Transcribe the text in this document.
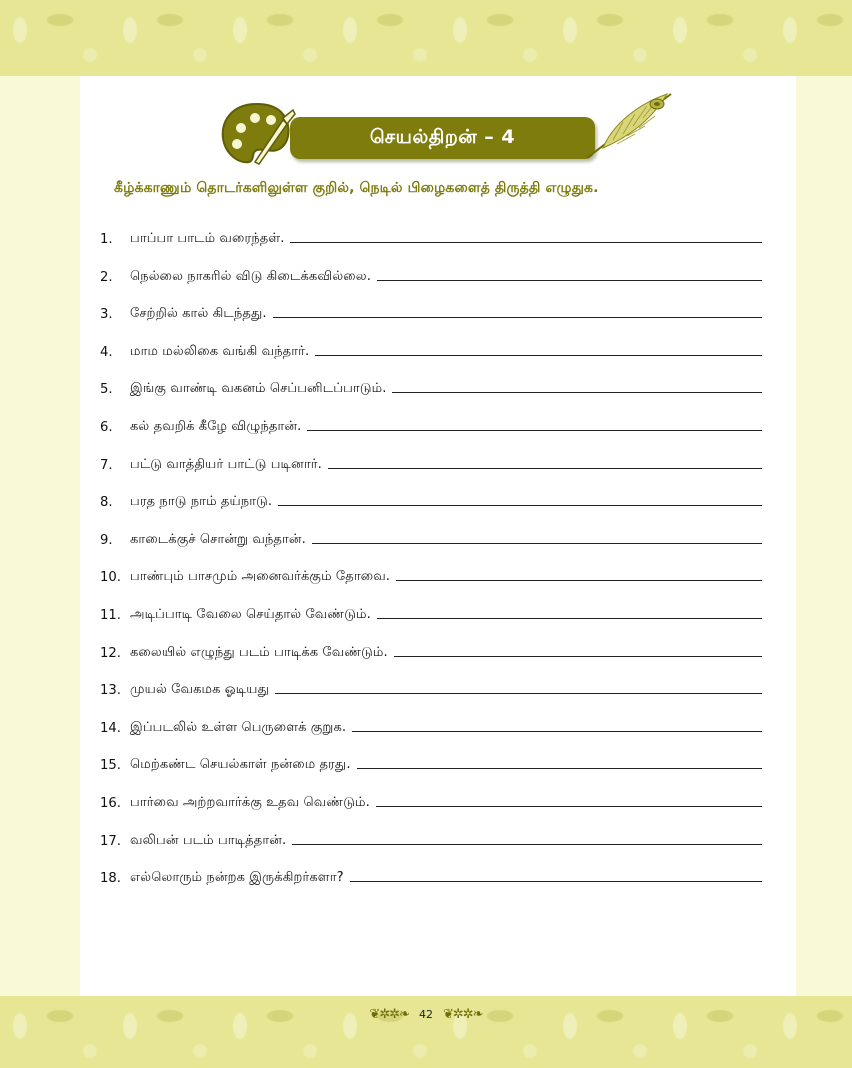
செயல்திறன் – 4
கீழ்க்காணும் தொடர்களிலுள்ள குறில், நெடில் பிழைகளைத் திருத்தி எழுதுக.
1.	பாப்பா பாடம் வரைந்தள்.
2.	நெல்லை நாகரில் விடு கிடைக்கவில்லை.
3.	சேற்றில் கால் கிடந்தது.
4.	மாம மல்லிகை வங்கி வந்தார்.
5.	இங்கு வாண்டி வகனம் செப்பனிடப்பாடும்.
6.	கல் தவறிக் கீழே விழுந்தான்.
7.	பட்டு வாத்தியர் பாட்டு படினார்.
8.	பரத நாடு நாம் தய்நாடு.
9.	காடைக்குச் சொன்று வந்தான்.
10. பாண்பும் பாசமும் அனைவர்க்கும் தோவை.
11. அடிப்பாடி வேலை செய்தால் வேண்டும்.
12. கலையில் எழுந்து படம் பாடிக்க வேண்டும்.
13. முயல் வேகமக ஓடியது
14. இப்படலில் உள்ள பெருளைக் குறுக.
15. மெற்கண்ட செயல்காள் நன்மை தரது.
16. பார்வை அற்றவார்க்கு உதவ வெண்டும்.
17. வலிபன் படம் பாடித்தான்.
18. எல்லொரும் நன்றக இருக்கிறர்களா?
❦✲✲❧ 42 ❦✲✲❧
